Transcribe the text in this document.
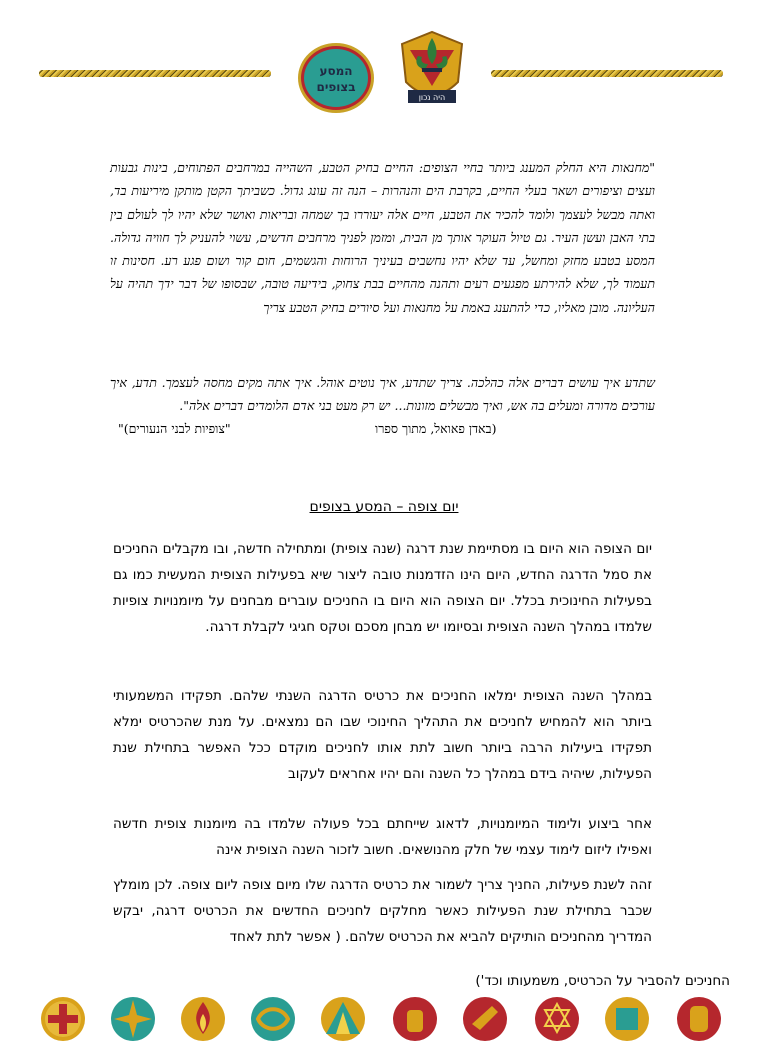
המסע
בצופים
היה נכון
"מחנאות היא החלק המענג ביותר בחיי הצופים: החיים בחיק הטבע, השהייה במרחבים הפתוחים, בינות גבעות ועצים וציפורים ושאר בעלי החיים, בקרבת הים והנהרות – הנה זה עונג גדול. כשביתך הקטן מותקן מיריעות בד, ואתה מבשל לעצמך ולומד להכיר את הטבע, חיים אלה יעוררו בך שמחה ובריאות ואושר שלא יהיו לך לעולם בין בתי האבן ועשן העיר. גם טיול העוקר אותך מן הבית, ומזמן לפניך מרחבים חדשים, עשוי להעניק לך חוויה גדולה. המסע בטבע מחזק ומחשל, עד שלא יהיו נחשבים בעיניך הרוחות והגשמים, חום קור ושום פגע רע. חסינות זו תעמוד לך, שלא להירתע מפגעים רעים ותהנה מהחיים בבת צחוק, בידיעה טובה, שבסופו של דבר ידך תהיה על העליונה. מובן מאליו, כדי להתענג באמת על מחנאות ועל סיורים בחיק הטבע צריך
שתדע איך עושים דברים אלה כהלכה. צריך שתדע, איך נוטים אוהל. איך אתה מקים מחסה לעצמך. תדע, איך עורכים מדורה ומעלים בה אש, ואיך מבשלים מזונות... יש רק מעט בני אדם הלומדים דברים אלה".
(באדן פאואל, מתוך ספרו
"צופיות לבני הנעורים)"
יום צופה – המסע בצופים
יום הצופה הוא היום בו מסתיימת שנת דרגה (שנה צופית) ומתחילה חדשה, ובו מקבלים החניכים את סמל הדרגה החדש, היום הינו הזדמנות טובה ליצור שיא בפעילות הצופית המעשית כמו גם בפעילות החינוכית בכלל. יום הצופה הוא היום בו החניכים עוברים מבחנים על מיומנויות צופיות שלמדו במהלך השנה הצופית ובסיומו יש מבחן מסכם וטקס חגיגי לקבלת דרגה.
במהלך השנה הצופית ימלאו החניכים את כרטיס הדרגה השנתי שלהם. תפקידו המשמעותי ביותר הוא להמחיש לחניכים את התהליך החינוכי שבו הם נמצאים. על מנת שהכרטיס ימלא תפקידו ביעילות הרבה ביותר חשוב לתת אותו לחניכים מוקדם ככל האפשר בתחילת שנת הפעילות, שיהיה בידם במהלך כל השנה והם יהיו אחראים לעקוב
אחר ביצוע ולימוד המיומנויות, לדאוג שייחתם בכל פעולה שלמדו בה מיומנות צופית חדשה ואפילו ליזום לימוד עצמי של חלק מהנושאים. חשוב לזכור השנה הצופית אינה
זהה לשנת פעילות, החניך צריך לשמור את כרטיס הדרגה שלו מיום צופה ליום צופה. לכן מומלץ שכבר בתחילת שנת הפעילות כאשר מחלקים לחניכים החדשים את הכרטיס דרגה, יבקש המדריך מהחניכים הותיקים להביא את הכרטיס שלהם. ( אפשר לתת לאחד
החניכים להסביר על הכרטיס, משמעותו וכד')
